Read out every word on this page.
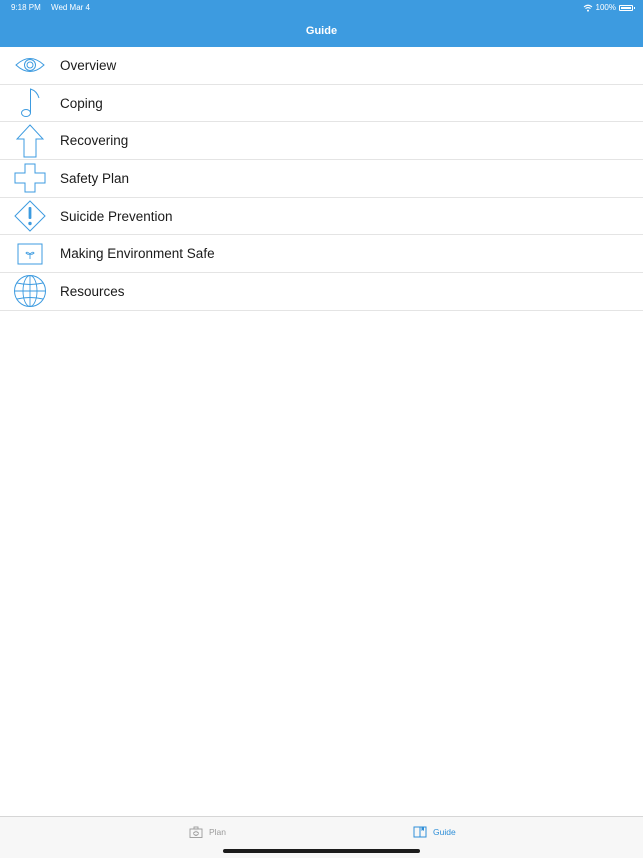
9:18 PM Wed Mar 4	100%
Guide
Overview
Coping
Recovering
Safety Plan
Suicide Prevention
Making Environment Safe
Resources
Plan	Guide
